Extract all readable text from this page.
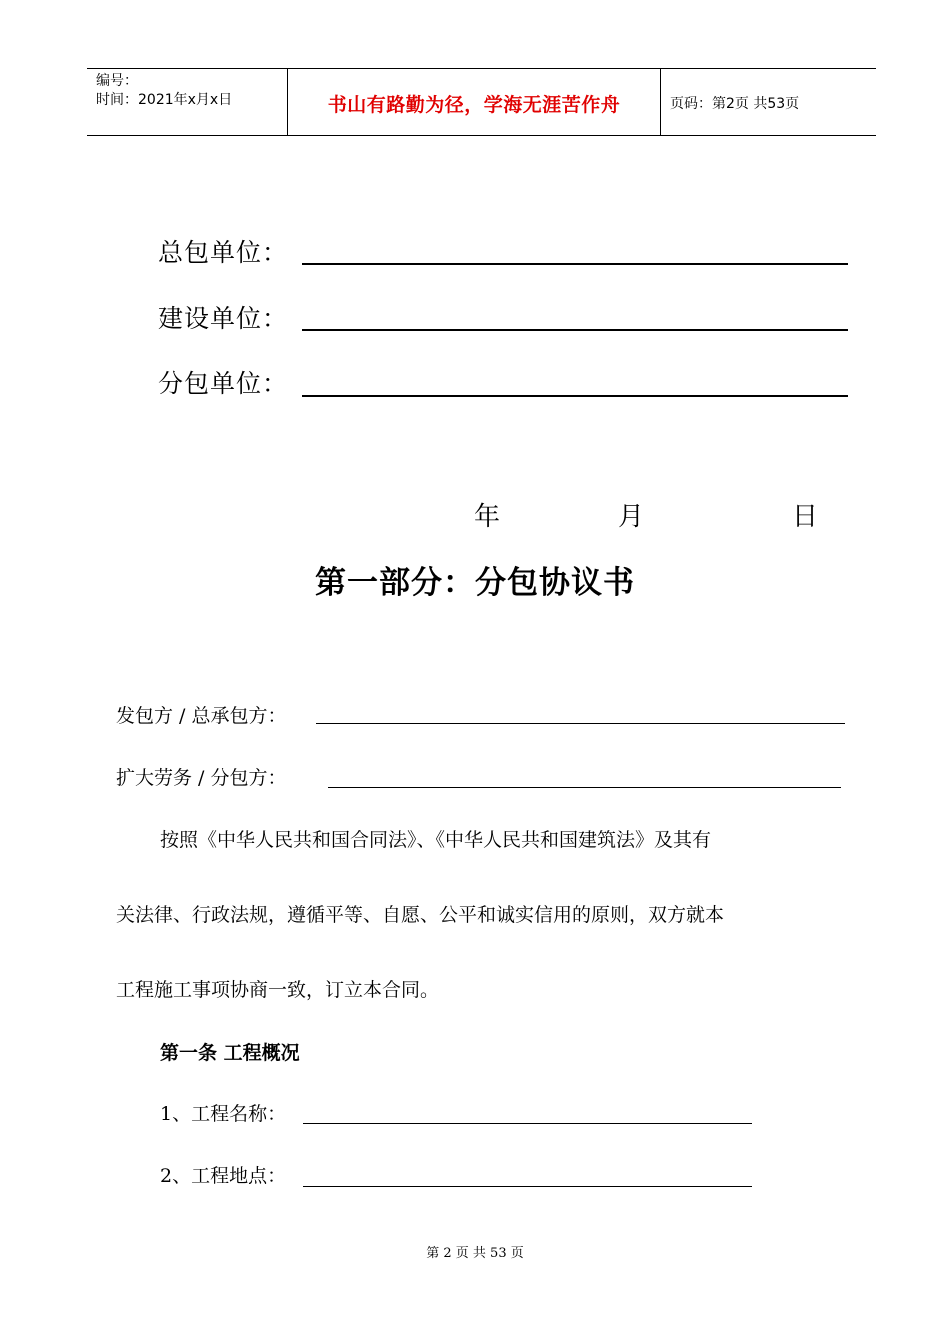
编号：
时间：2021年x月x日	书山有路勤为径，学海无涯苦作舟	页码：第2页 共53页
总包单位：
建设单位：
分包单位：
年	月	日
第一部分：分包协议书
发包方 / 总承包方：
扩大劳务 / 分包方：
按照《中华人民共和国合同法》、《中华人民共和国建筑法》及其有
关法律、行政法规，遵循平等、自愿、公平和诚实信用的原则，双方就本
工程施工事项协商一致，订立本合同。
第一条 工程概况
1、工程名称：
2、工程地点：
第 2 页 共 53 页
